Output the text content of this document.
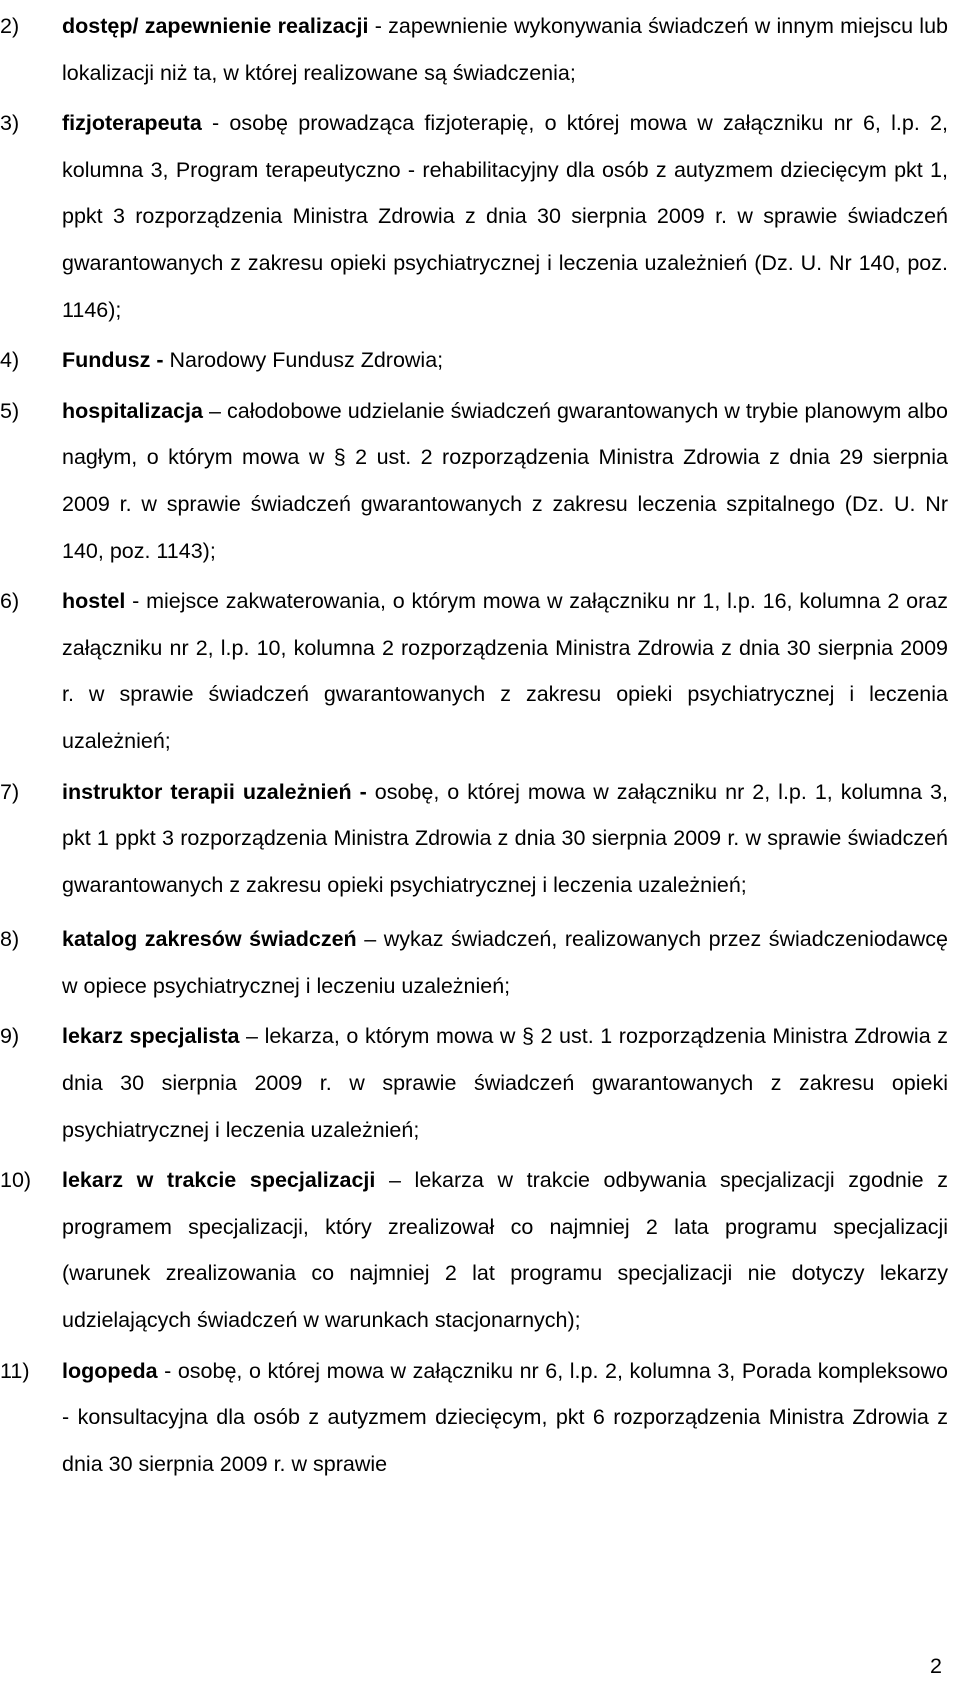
2) dostęp/ zapewnienie realizacji - zapewnienie wykonywania świadczeń w innym miejscu lub lokalizacji niż ta, w której realizowane są świadczenia;
3) fizjoterapeuta - osobę prowadząca fizjoterapię, o której mowa w załączniku nr 6, l.p. 2, kolumna 3, Program terapeutyczno - rehabilitacyjny dla osób z autyzmem dziecięcym pkt 1, ppkt 3 rozporządzenia Ministra Zdrowia z dnia 30 sierpnia 2009 r. w sprawie świadczeń gwarantowanych z zakresu opieki psychiatrycznej i leczenia uzależnień (Dz. U. Nr 140, poz. 1146);
4) Fundusz - Narodowy Fundusz Zdrowia;
5) hospitalizacja – całodobowe udzielanie świadczeń gwarantowanych w trybie planowym albo nagłym, o którym mowa w § 2 ust. 2 rozporządzenia Ministra Zdrowia z dnia 29 sierpnia 2009 r. w sprawie świadczeń gwarantowanych z zakresu leczenia szpitalnego (Dz. U. Nr 140, poz. 1143);
6) hostel - miejsce zakwaterowania, o którym mowa w załączniku nr 1, l.p. 16, kolumna 2 oraz załączniku nr 2, l.p. 10, kolumna 2 rozporządzenia Ministra Zdrowia z dnia 30 sierpnia 2009 r. w sprawie świadczeń gwarantowanych z zakresu opieki psychiatrycznej i leczenia uzależnień;
7) instruktor terapii uzależnień - osobę, o której mowa w załączniku nr 2, l.p. 1, kolumna 3, pkt 1 ppkt 3 rozporządzenia Ministra Zdrowia z dnia 30 sierpnia 2009 r. w sprawie świadczeń gwarantowanych z zakresu opieki psychiatrycznej i leczenia uzależnień;
8) katalog zakresów świadczeń – wykaz świadczeń, realizowanych przez świadczeniodawcę w opiece psychiatrycznej i leczeniu uzależnień;
9) lekarz specjalista – lekarza, o którym mowa w § 2 ust. 1 rozporządzenia Ministra Zdrowia z dnia 30 sierpnia 2009 r. w sprawie świadczeń gwarantowanych z zakresu opieki psychiatrycznej i leczenia uzależnień;
10) lekarz w trakcie specjalizacji – lekarza w trakcie odbywania specjalizacji zgodnie z programem specjalizacji, który zrealizował co najmniej 2 lata programu specjalizacji (warunek zrealizowania co najmniej 2 lat programu specjalizacji nie dotyczy lekarzy udzielających świadczeń w warunkach stacjonarnych);
11) logopeda - osobę, o której mowa w załączniku nr 6, l.p. 2, kolumna 3, Porada kompleksowo - konsultacyjna dla osób z autyzmem dziecięcym, pkt 6 rozporządzenia Ministra Zdrowia z dnia 30 sierpnia 2009 r. w sprawie
2
